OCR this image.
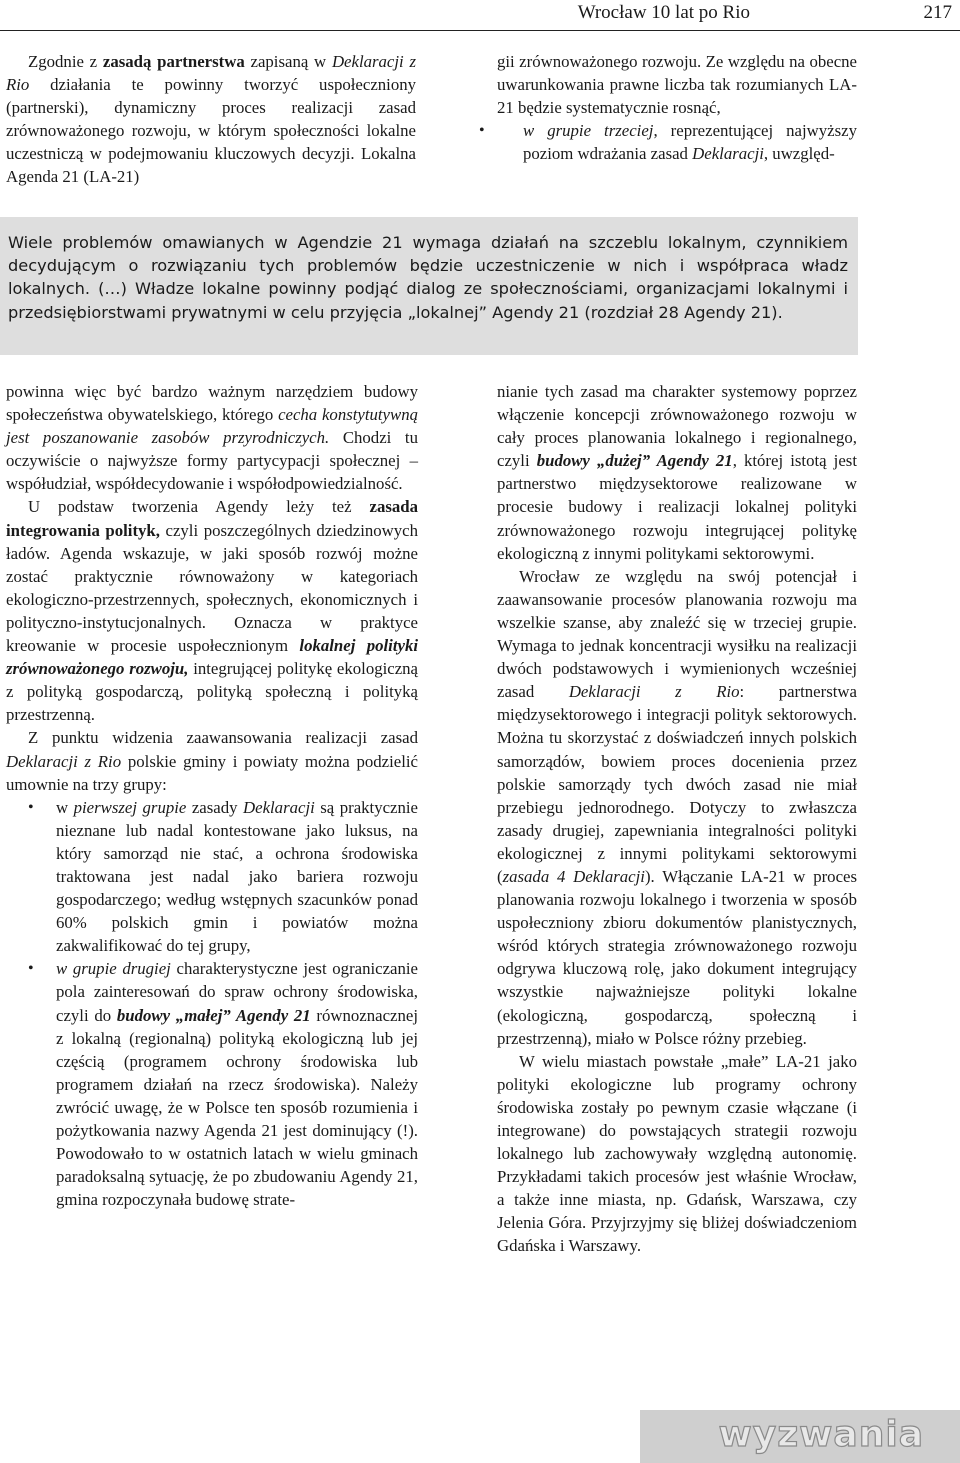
Wrocław 10 lat po Rio	217

Zgodnie z zasadą partnerstwa zapisaną w Deklaracji z Rio działania te powinny tworzyć uspołeczniony (partnerski), dynamiczny proces realizacji zasad zrównoważonego rozwoju, w którym społeczności lokalne uczestniczą w podejmowaniu kluczowych decyzji. Lokalna Agenda 21 (LA-21)

gii zrównoważonego rozwoju. Ze względu na obecne uwarunkowania prawne liczba tak rozumianych LA-21 będzie systematycznie rosnąć,

• w grupie trzeciej, reprezentującej najwyższy poziom wdrażania zasad Deklaracji, uwzględ-
Wiele problemów omawianych w Agendzie 21 wymaga działań na szczeblu lokalnym, czynnikiem decydującym o rozwiązaniu tych problemów będzie uczestniczenie w nich i współpraca władz lokalnych. (…) Władze lokalne powinny podjąć dialog ze społecznościami, organizacjami lokalnymi i przedsiębiorstwami prywatnymi w celu przyjęcia „lokalnej” Agendy 21 (rozdział 28 Agendy 21).

powinna więc być bardzo ważnym narzędziem budowy społeczeństwa obywatelskiego, którego cecha konstytutywną jest poszanowanie zasobów przyrodniczych. Chodzi tu oczywiście o najwyższe formy partycypacji społecznej – współudział, współdecydowanie i współodpowiedzialność.

U podstaw tworzenia Agendy leży też zasada integrowania polityk, czyli poszczególnych dziedzinowych ładów. Agenda wskazuje, w jaki sposób rozwój możne zostać praktycznie równoważony w kategoriach ekologiczno-przestrzennych, społecznych, ekonomicznych i polityczno-instytucjonalnych. Oznacza w praktyce kreowanie w procesie uspołecznionym lokalnej polityki zrównoważonego rozwoju, integrującej politykę ekologiczną z polityką gospodarczą, polityką społeczną i polityką przestrzenną.

Z punktu widzenia zaawansowania realizacji zasad Deklaracji z Rio polskie gminy i powiaty można podzielić umownie na trzy grupy:

• w pierwszej grupie zasady Deklaracji są praktycznie nieznane lub nadal kontestowane jako luksus, na który samorząd nie stać, a ochrona środowiska traktowana jest nadal jako bariera rozwoju gospodarczego; według wstępnych szacunków ponad 60% polskich gmin i powiatów można zakwalifikować do tej grupy,
• w grupie drugiej charakterystyczne jest ograniczanie pola zainteresowań do spraw ochrony środowiska, czyli do budowy „małej” Agendy 21 równoznacznej z lokalną (regionalną) polityką ekologiczną lub jej częścią (programem ochrony środowiska lub programem działań na rzecz środowiska). Należy zwrócić uwagę, że w Polsce ten sposób rozumienia i pożytkowania nazwy Agenda 21 jest dominujący (!). Powodowało to w ostatnich latach w wielu gminach paradoksalną sytuację, że po zbudowaniu Agendy 21, gmina rozpoczynała budowę strate-

nianie tych zasad ma charakter systemowy poprzez włączenie koncepcji zrównoważonego rozwoju w cały proces planowania lokalnego i regionalnego, czyli budowy „dużej” Agendy 21, której istotą jest partnerstwo międzysektorowe realizowane w procesie budowy i realizacji lokalnej polityki zrównoważonego rozwoju integrującej politykę ekologiczną z innymi politykami sektorowymi.

Wrocław ze względu na swój potencjał i zaawansowanie procesów planowania rozwoju ma wszelkie szanse, aby znaleźć się w trzeciej grupie. Wymaga to jednak koncentracji wysiłku na realizacji dwóch podstawowych i wymienionych wcześniej zasad Deklaracji z Rio: partnerstwa międzysektorowego i integracji polityk sektorowych. Można tu skorzystać z doświadczeń innych polskich samorządów, bowiem proces docenienia przez polskie samorządy tych dwóch zasad nie miał przebiegu jednorodnego. Dotyczy to zwłaszcza zasady drugiej, zapewniania integralności polityki ekologicznej z innymi politykami sektorowymi (zasada 4 Deklaracji). Włączanie LA-21 w proces planowania rozwoju lokalnego i tworzenia w sposób uspołeczniony zbioru dokumentów planistycznych, wśród których strategia zrównoważonego rozwoju odgrywa kluczową rolę, jako dokument integrujący wszystkie najważniejsze polityki lokalne (ekologiczną, gospodarczą, społeczną i przestrzenną), miało w Polsce różny przebieg.

W wielu miastach powstałe „małe” LA-21 jako polityki ekologiczne lub programy ochrony środowiska zostały po pewnym czasie włączane (i integrowane) do powstających strategii rozwoju lokalnego lub zachowywały względną autonomię. Przykładami takich procesów jest właśnie Wrocław, a także inne miasta, np. Gdańsk, Warszawa, czy Jelenia Góra. Przyjrzyjmy się bliżej doświadczeniom Gdańska i Warszawy.

wyzwania
